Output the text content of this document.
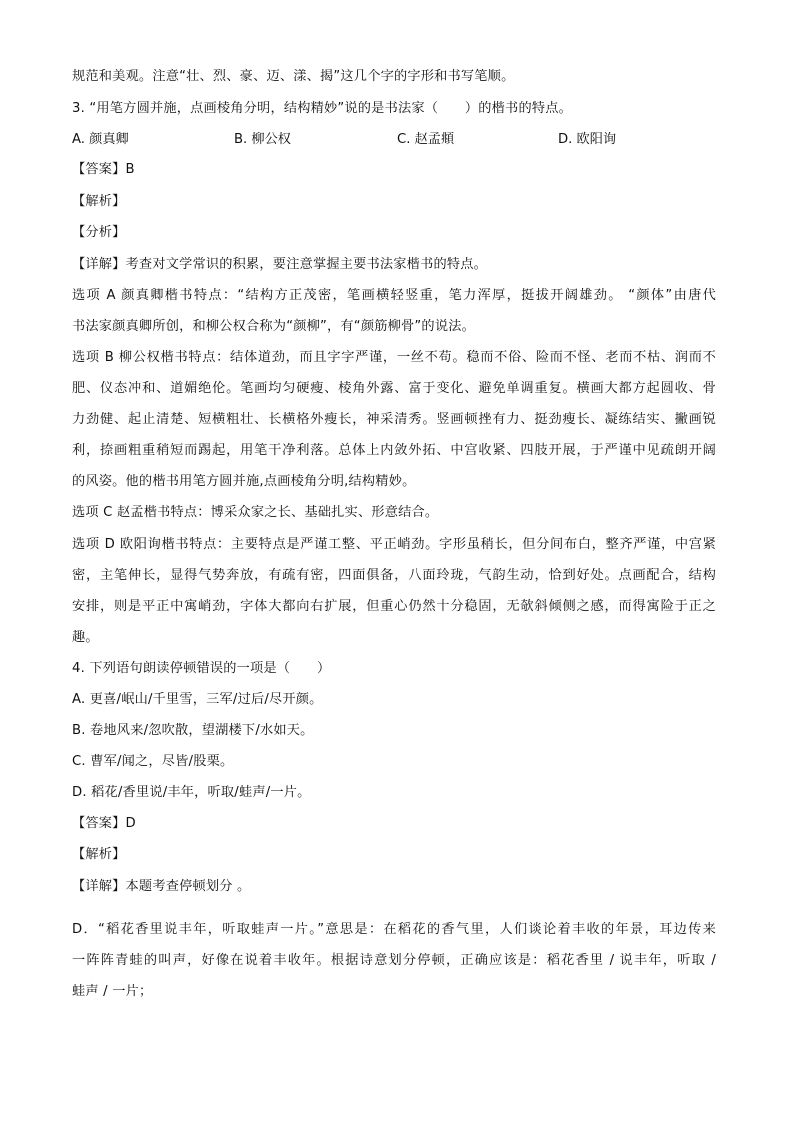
规范和美观。注意“壮、烈、豪、迈、漾、揭”这几个字的字形和书写笔顺。
3. “用笔方圆并施，点画棱角分明，结构精妙”说的是书法家（　　）的楷书的特点。
A. 颜真卿	B. 柳公权	C. 赵孟頫	D. 欧阳询
【答案】B
【解析】
【分析】
【详解】考查对文学常识的积累，要注意掌握主要书法家楷书的特点。
选项 A 颜真卿楷书特点：“结构方正茂密，笔画横轻竖重，笔力浑厚，挺拔开阔雄劲。 “颜体”由唐代
书法家颜真卿所创，和柳公权合称为“颜柳”，有“颜筋柳骨”的说法。
选项 B 柳公权楷书特点：结体道劲，而且字字严谨，一丝不苟。稳而不俗、险而不怪、老而不枯、润而不
肥、仪态冲和、道媚绝伦。笔画均匀硬瘦、棱角外露、富于变化、避免单调重复。横画大都方起圆收、骨
力劲健、起止清楚、短横粗壮、长横格外瘦长，神采清秀。竖画顿挫有力、挺劲瘦长、凝练结实、撇画锐
利，捺画粗重稍短而踢起，用笔干净利落。总体上内敛外拓、中宫收紧、四肢开展，于严谨中见疏朗开阔
的风姿。他的楷书用笔方圆并施,点画棱角分明,结构精妙。
选项 C 赵孟楷书特点：博采众家之长、基础扎实、形意结合。
选项 D 欧阳询楷书特点：主要特点是严谨工整、平正峭劲。字形虽稍长，但分间布白，整齐严谨，中宫紧
密，主笔伸长，显得气势奔放，有疏有密，四面俱备，八面玲珑，气韵生动，恰到好处。点画配合，结构
安排，则是平正中寓峭劲，字体大都向右扩展，但重心仍然十分稳固，无欹斜倾侧之感，而得寓险于正之
趣。
4. 下列语句朗读停顿错误的一项是（　　）
A. 更喜/岷山/千里雪，三军/过后/尽开颜。
B. 卷地风来/忽吹散，望湖楼下/水如天。
C. 曹军/闻之，尽皆/股栗。
D. 稻花/香里说/丰年，听取/蛙声/一片。
【答案】D
【解析】
【详解】本题考查停顿划分 。
D．“稻花香里说丰年，听取蛙声一片。”意思是：在稻花的香气里，人们谈论着丰收的年景，耳边传来
一阵阵青蛙的叫声，好像在说着丰收年。根据诗意划分停顿，正确应该是：稻花香里 / 说丰年，听取 /
蛙声 / 一片；
